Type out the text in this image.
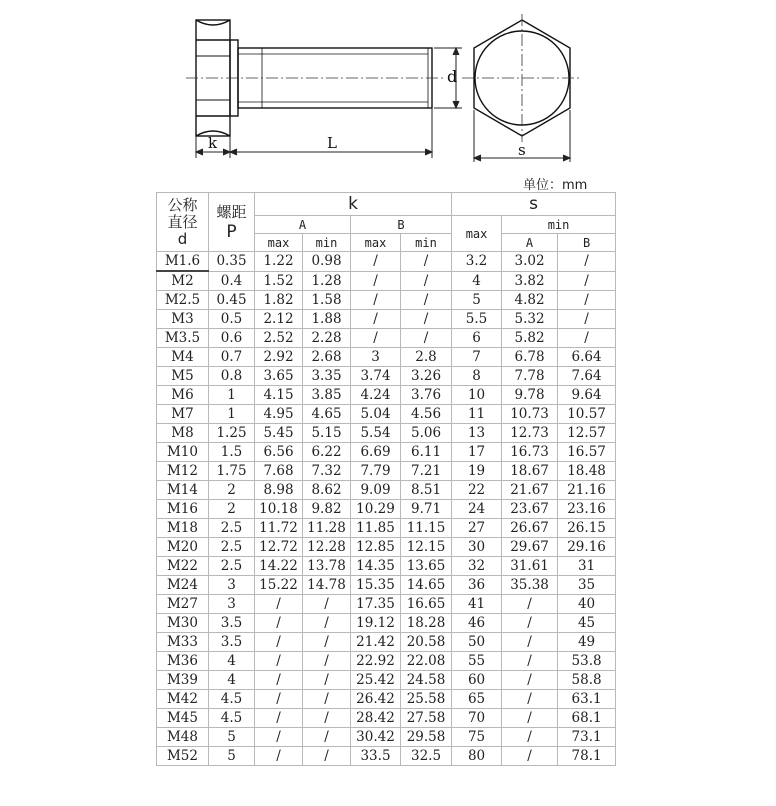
d
k	L	s
单位：mm
公称
直径
d	螺距
P	k				s		
		A		B		max	min	
		max	min	max	min		A	B
M1.6	0.35	1.22	0.98	/	/	3.2	3.02	/
M2	0.4	1.52	1.28	/	/	4	3.82	/
M2.5	0.45	1.82	1.58	/	/	5	4.82	/
M3	0.5	2.12	1.88	/	/	5.5	5.32	/
M3.5	0.6	2.52	2.28	/	/	6	5.82	/
M4	0.7	2.92	2.68	3	2.8	7	6.78	6.64
M5	0.8	3.65	3.35	3.74	3.26	8	7.78	7.64
M6	1	4.15	3.85	4.24	3.76	10	9.78	9.64
M7	1	4.95	4.65	5.04	4.56	11	10.73	10.57
M8	1.25	5.45	5.15	5.54	5.06	13	12.73	12.57
M10	1.5	6.56	6.22	6.69	6.11	17	16.73	16.57
M12	1.75	7.68	7.32	7.79	7.21	19	18.67	18.48
M14	2	8.98	8.62	9.09	8.51	22	21.67	21.16
M16	2	10.18	9.82	10.29	9.71	24	23.67	23.16
M18	2.5	11.72	11.28	11.85	11.15	27	26.67	26.15
M20	2.5	12.72	12.28	12.85	12.15	30	29.67	29.16
M22	2.5	14.22	13.78	14.35	13.65	32	31.61	31
M24	3	15.22	14.78	15.35	14.65	36	35.38	35
M27	3	/	/	17.35	16.65	41	/	40
M30	3.5	/	/	19.12	18.28	46	/	45
M33	3.5	/	/	21.42	20.58	50	/	49
M36	4	/	/	22.92	22.08	55	/	53.8
M39	4	/	/	25.42	24.58	60	/	58.8
M42	4.5	/	/	26.42	25.58	65	/	63.1
M45	4.5	/	/	28.42	27.58	70	/	68.1
M48	5	/	/	30.42	29.58	75	/	73.1
M52	5	/	/	33.5	32.5	80	/	78.1
